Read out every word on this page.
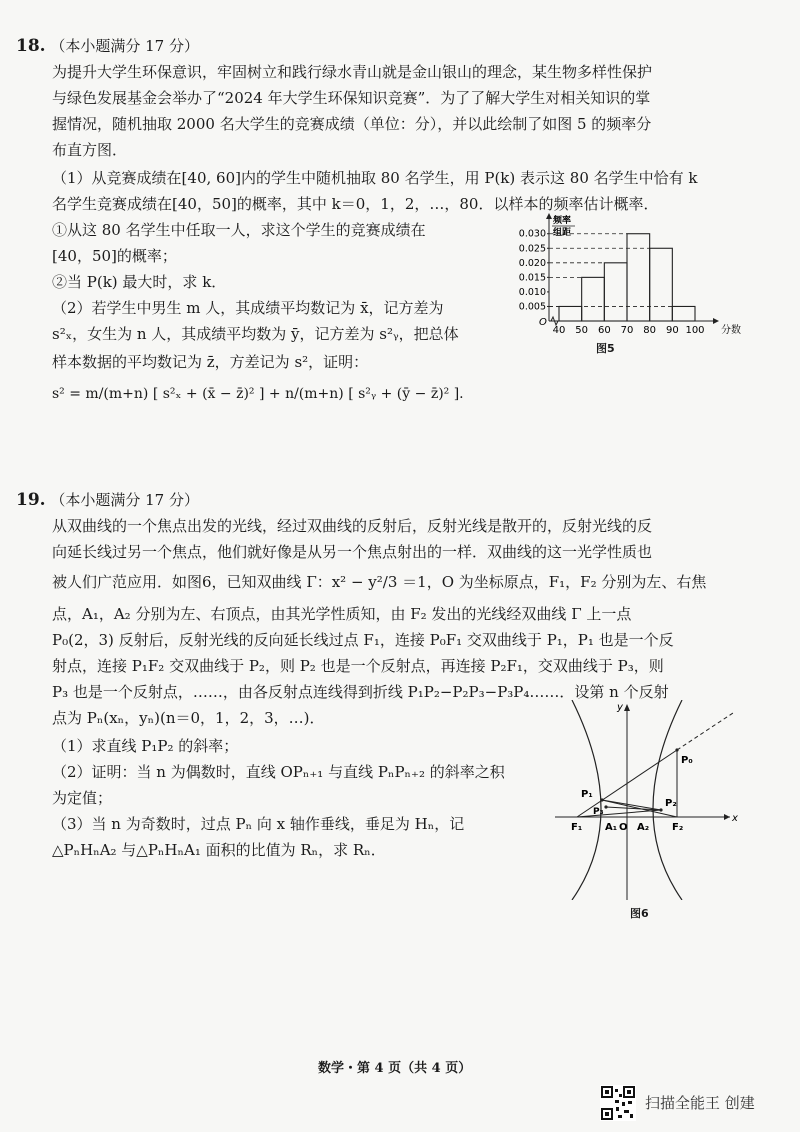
18. （本小题满分 17 分）
为提升大学生环保意识，牢固树立和践行绿水青山就是金山银山的理念，某生物多样性保护
与绿色发展基金会举办了“2024 年大学生环保知识竞赛”．为了了解大学生对相关知识的掌
握情况，随机抽取 2000 名大学生的竞赛成绩（单位：分），并以此绘制了如图 5 的频率分
布直方图．
（1）从竞赛成绩在[40, 60]内的学生中随机抽取 80 名学生，用 P(k) 表示这 80 名学生中恰有 k
名学生竞赛成绩在[40，50]的概率，其中 k＝0，1，2，…，80．以样本的频率估计概率．
①从这 80 名学生中任取一人，求这个学生的竞赛成绩在
[40，50]的概率；
②当 P(k) 最大时，求 k．
（2）若学生中男生 m 人，其成绩平均数记为 x̄，记方差为
s²ₓ，女生为 n 人，其成绩平均数为 ȳ，记方差为 s²ᵧ，把总体
样本数据的平均数记为 z̄，方差记为 s²，证明：
s² = m/(m+n) [ s²ₓ + (x̄ − z̄)² ] + n/(m+n) [ s²ᵧ + (ȳ − z̄)² ].
频率
组距
O
0.005
0.010
0.015
0.020
0.025
0.030
40 50 60 70 80 90 100 分数
图5
19. （本小题满分 17 分）
从双曲线的一个焦点出发的光线，经过双曲线的反射后，反射光线是散开的，反射光线的反
向延长线过另一个焦点，他们就好像是从另一个焦点射出的一样．双曲线的这一光学性质也
被人们广范应用．如图6，已知双曲线 Γ：x² − y²/3 ＝1，O 为坐标原点，F₁，F₂ 分别为左、右焦
点，A₁，A₂ 分别为左、右顶点，由其光学性质知，由 F₂ 发出的光线经双曲线 Γ 上一点
P₀(2，3) 反射后，反射光线的反向延长线过点 F₁，连接 P₀F₁ 交双曲线于 P₁，P₁ 也是一个反
射点，连接 P₁F₂ 交双曲线于 P₂，则 P₂ 也是一个反射点，再连接 P₂F₁，交双曲线于 P₃，则
P₃ 也是一个反射点，……，由各反射点连线得到折线 P₁P₂−P₂P₃−P₃P₄……．设第 n 个反射
点为 Pₙ(xₙ，yₙ)(n＝0，1，2，3，…)．
（1）求直线 P₁P₂ 的斜率；
（2）证明：当 n 为偶数时，直线 OPₙ₊₁ 与直线 PₙPₙ₊₂ 的斜率之积
为定值；
（3）当 n 为奇数时，过点 Pₙ 向 x 轴作垂线，垂足为 Hₙ，记
△PₙHₙA₂ 与△PₙHₙA₁ 面积的比值为 Rₙ，求 Rₙ．
x
y
P₀
P₁
P₂
P₃
F₁ A₁ O A₂ F₂
图6
数学・第 4 页（共 4 页）
扫描全能王 创建
